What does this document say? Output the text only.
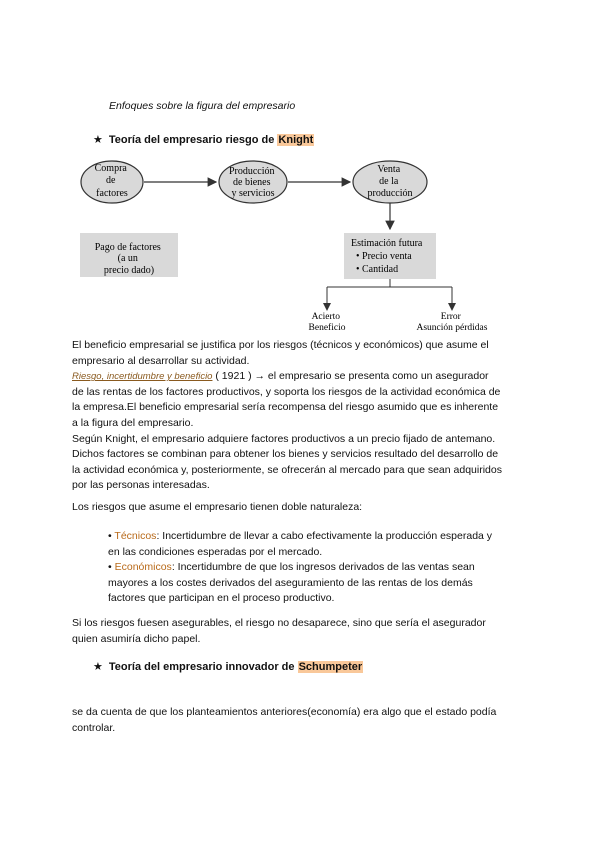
Enfoques sobre la figura del empresario
★ Teoría del empresario riesgo de Knight
Compra de factores
Producción de bienes y servicios
Venta de la producción
Pago de factores (a un precio dado)
Estimación futura • Precio venta • Cantidad
Acierto Beneficio
Error Asunción pérdidas
El beneficio empresarial se justifica por los riesgos (técnicos y económicos) que asume el
empresario al desarrollar su actividad.
Riesgo, incertidumbre y beneficio ( 1921 ) → el empresario se presenta como un asegurador
de las rentas de los factores productivos, y soporta los riesgos de la actividad económica de
la empresa.El beneficio empresarial sería recompensa del riesgo asumido que es inherente
a la figura del empresario.
Según Knight, el empresario adquiere factores productivos a un precio fijado de antemano.
Dichos factores se combinan para obtener los bienes y servicios resultado del desarrollo de
la actividad económica y, posteriormente, se ofrecerán al mercado para que sean adquiridos
por las personas interesadas.
Los riesgos que asume el empresario tienen doble naturaleza:
• Técnicos: Incertidumbre de llevar a cabo efectivamente la producción esperada y
en las condiciones esperadas por el mercado.
• Económicos: Incertidumbre de que los ingresos derivados de las ventas sean
mayores a los costes derivados del aseguramiento de las rentas de los demás
factores que participan en el proceso productivo.
Si los riesgos fuesen asegurables, el riesgo no desaparece, sino que sería el asegurador
quien asumiría dicho papel.
★ Teoría del empresario innovador de Schumpeter
se da cuenta de que los planteamientos anteriores(economía) era algo que el estado podía
controlar.
